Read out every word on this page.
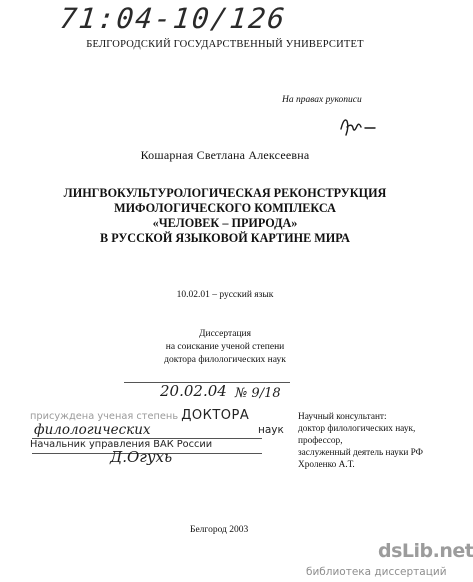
71:04-10/126
БЕЛГОРОДСКИЙ ГОСУДАРСТВЕННЫЙ УНИВЕРСИТЕТ
На правах рукописи
Кошарная Светлана Алексеевна
ЛИНГВОКУЛЬТУРОЛОГИЧЕСКАЯ РЕКОНСТРУКЦИЯ
МИФОЛОГИЧЕСКОГО КОМПЛЕКСА
«ЧЕЛОВЕК – ПРИРОДА»
В РУССКОЙ ЯЗЫКОВОЙ КАРТИНЕ МИРА
10.02.01 – русский язык
Диссертация
на соискание ученой степени
доктора филологических наук
20.02.04 № 9/18
присуждена ученая степень ДОКТОРА
филологических	наук
Начальник управления ВАК России
Д.Огухь
Научный консультант:
доктор филологических наук,
профессор,
заслуженный деятель науки РФ
Хроленко А.Т.
Белгород 2003
dsLib.net
библиотека диссертаций
